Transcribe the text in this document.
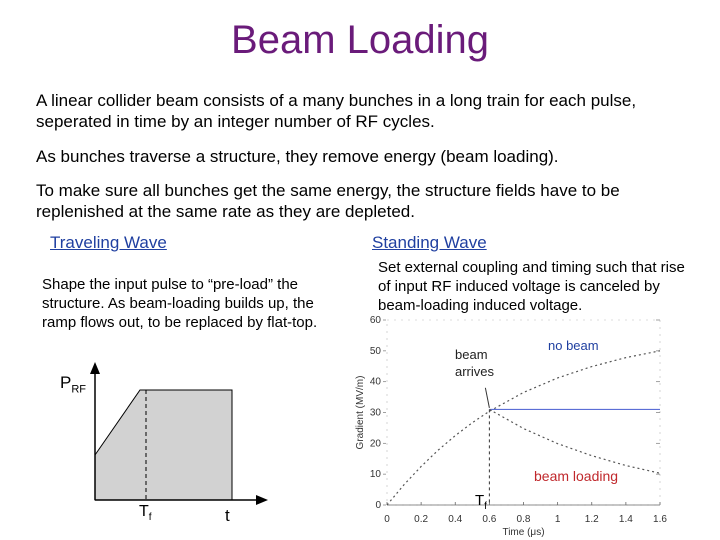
Beam Loading
A linear collider beam consists of a many bunches in a long train for each pulse, seperated in time by an integer number of RF cycles.
As bunches traverse a structure, they remove energy (beam loading).
To make sure all bunches get the same energy, the structure fields have to be replenished at the same rate as they are depleted.
Traveling Wave	Standing Wave
Shape the input pulse to “pre-load” the structure. As beam-loading builds up, the ramp flows out, to be replaced by flat-top.
Set external coupling and timing such that rise of input RF induced voltage is canceled by beam-loading induced voltage.
$P_{RF}$
$T_f$	t	0 0.2 0.4 0.6 0.8 1 1.2 1.4 1.6
0
10
20
30
40
50
60
Time (μs)
Gradient (MV/m)
beam arrives
no beam
beam loading
$T_f$
